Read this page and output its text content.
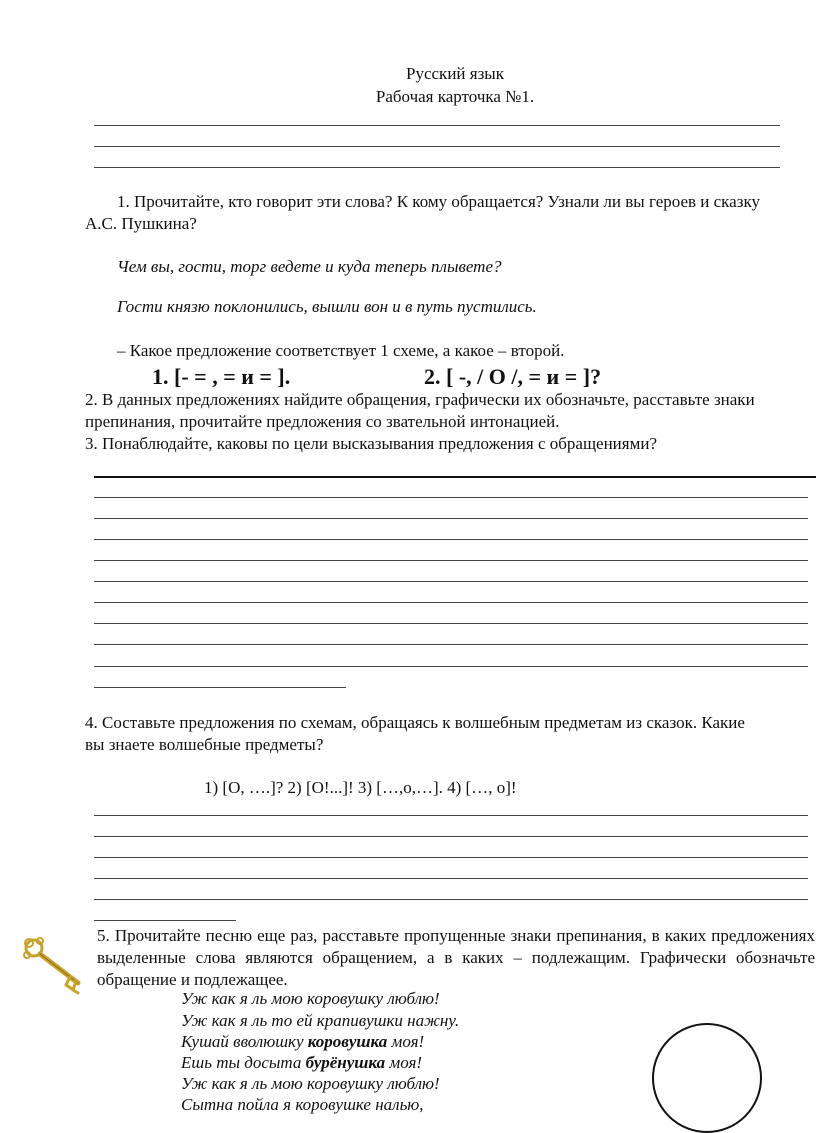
Русский язык
Рабочая карточка №1.
1. Прочитайте, кто говорит эти слова? К кому обращается? Узнали ли вы героев и сказку
А.С. Пушкина?
Чем вы, гости, торг ведете и куда теперь плывете?
Гости князю поклонились, вышли вон и в путь пустились.
– Какое предложение соответствует 1 схеме, а какое – второй.
1. [- = , = и = ].	2. [ -, / О /, = и = ]?
2. В данных предложениях найдите обращения, графически их обозначьте, расставьте знаки
препинания, прочитайте предложения со звательной интонацией.
3. Понаблюдайте, каковы по цели высказывания предложения с обращениями?
4. Составьте предложения по схемам, обращаясь к волшебным предметам из сказок. Какие
вы знаете волшебные предметы?
1) [О, ….]? 2) [О!...]! 3) […,о,…]. 4) […, о]!
5. Прочитайте песню еще раз, расставьте пропущенные знаки препинания, в каких предложениях выделенные слова являются обращением, а в каких – подлежащим. Графически обозначьте обращение и подлежащее.
Уж как я ль мою коровушку люблю!
Уж как я ль то ей крапивушки нажну.
Кушай вволюшку коровушка моя!
Ешь ты досыта бурёнушка моя!
Уж как я ль мою коровушку люблю!
Сытна пойла я коровушке налью,
